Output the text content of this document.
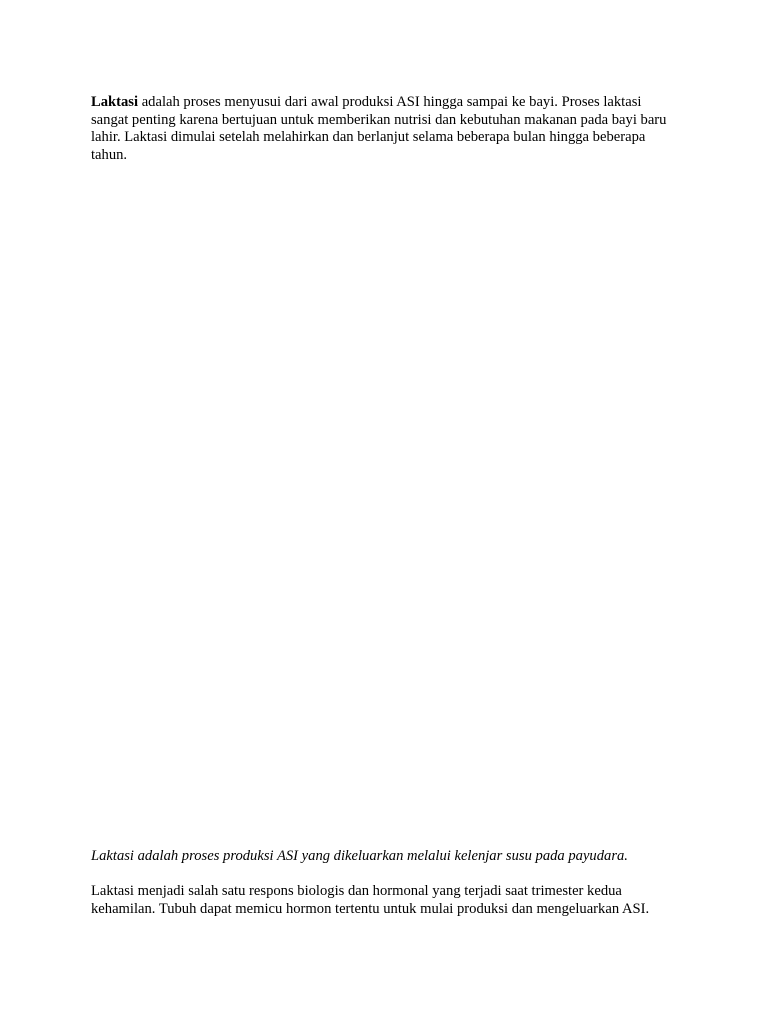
Laktasi adalah proses menyusui dari awal produksi ASI hingga sampai ke bayi. Proses laktasi sangat penting karena bertujuan untuk memberikan nutrisi dan kebutuhan makanan pada bayi baru lahir. Laktasi dimulai setelah melahirkan dan berlanjut selama beberapa bulan hingga beberapa tahun.

Laktasi adalah proses produksi ASI yang dikeluarkan melalui kelenjar susu pada payudara.

Laktasi menjadi salah satu respons biologis dan hormonal yang terjadi saat trimester kedua kehamilan. Tubuh dapat memicu hormon tertentu untuk mulai produksi dan mengeluarkan ASI.
